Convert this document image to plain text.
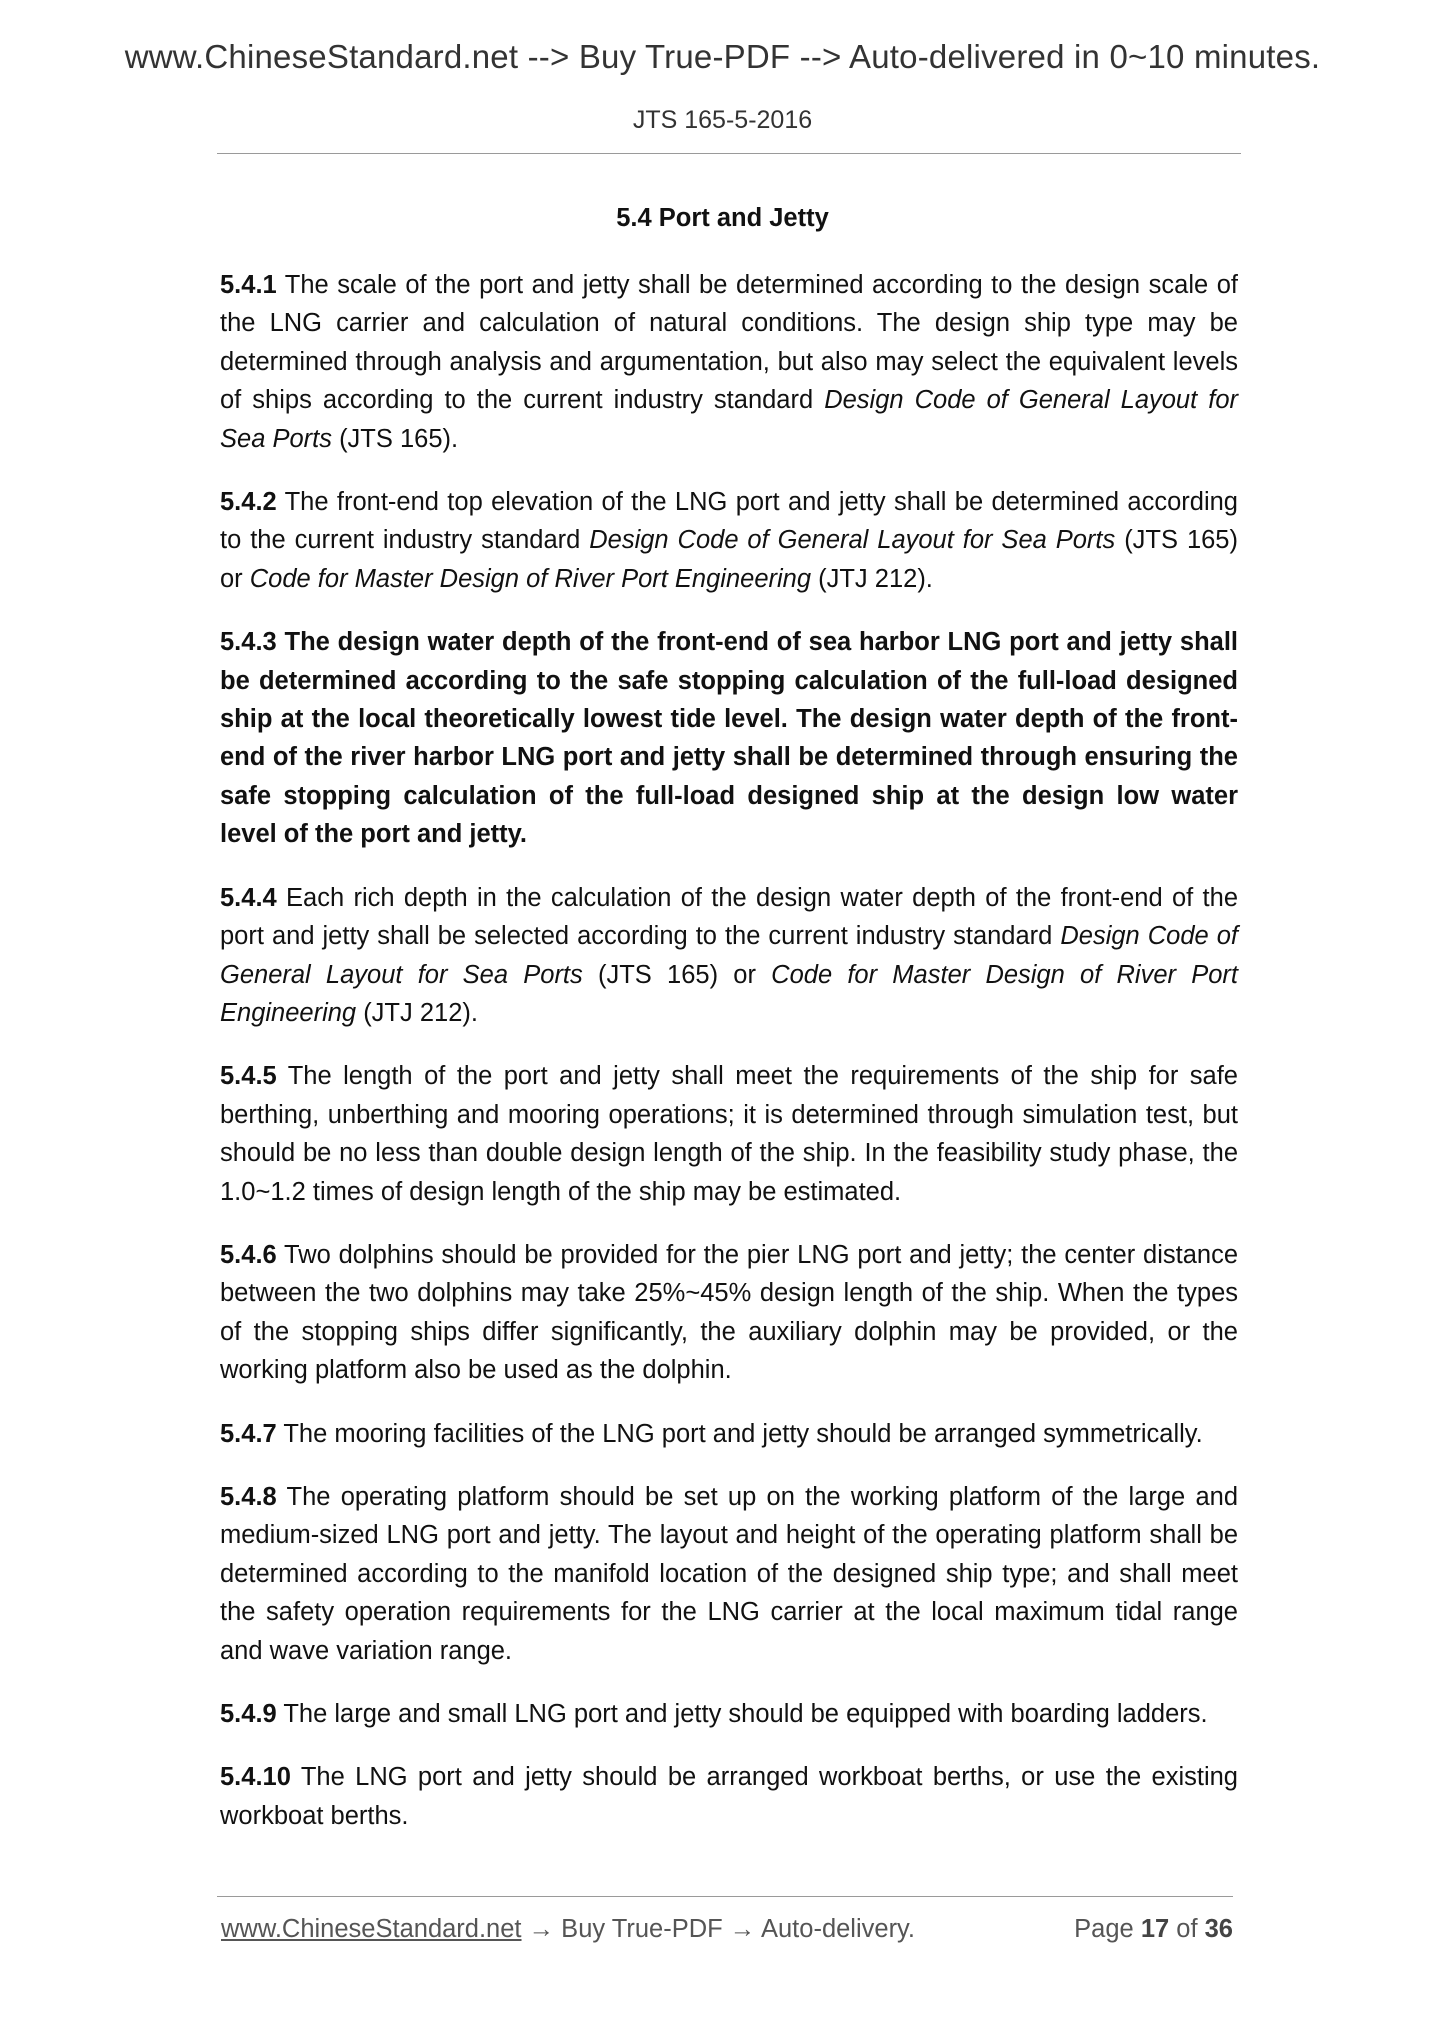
www.ChineseStandard.net --> Buy True-PDF --> Auto-delivered in 0~10 minutes.
JTS 165-5-2016
5.4 Port and Jetty

5.4.1 The scale of the port and jetty shall be determined according to the design scale of the LNG carrier and calculation of natural conditions. The design ship type may be determined through analysis and argumentation, but also may select the equivalent levels of ships according to the current industry standard Design Code of General Layout for Sea Ports (JTS 165).

5.4.2 The front-end top elevation of the LNG port and jetty shall be determined according to the current industry standard Design Code of General Layout for Sea Ports (JTS 165) or Code for Master Design of River Port Engineering (JTJ 212).

5.4.3 The design water depth of the front-end of sea harbor LNG port and jetty shall be determined according to the safe stopping calculation of the full-load designed ship at the local theoretically lowest tide level. The design water depth of the front-end of the river harbor LNG port and jetty shall be determined through ensuring the safe stopping calculation of the full-load designed ship at the design low water level of the port and jetty.

5.4.4 Each rich depth in the calculation of the design water depth of the front-end of the port and jetty shall be selected according to the current industry standard Design Code of General Layout for Sea Ports (JTS 165) or Code for Master Design of River Port Engineering (JTJ 212).

5.4.5 The length of the port and jetty shall meet the requirements of the ship for safe berthing, unberthing and mooring operations; it is determined through simulation test, but should be no less than double design length of the ship. In the feasibility study phase, the 1.0~1.2 times of design length of the ship may be estimated.

5.4.6 Two dolphins should be provided for the pier LNG port and jetty; the center distance between the two dolphins may take 25%~45% design length of the ship. When the types of the stopping ships differ significantly, the auxiliary dolphin may be provided, or the working platform also be used as the dolphin.

5.4.7 The mooring facilities of the LNG port and jetty should be arranged symmetrically.

5.4.8 The operating platform should be set up on the working platform of the large and medium-sized LNG port and jetty. The layout and height of the operating platform shall be determined according to the manifold location of the designed ship type; and shall meet the safety operation requirements for the LNG carrier at the local maximum tidal range and wave variation range.

5.4.9 The large and small LNG port and jetty should be equipped with boarding ladders.

5.4.10 The LNG port and jetty should be arranged workboat berths, or use the existing workboat berths.

www.ChineseStandard.net → Buy True-PDF → Auto-delivery.	Page 17 of 36
